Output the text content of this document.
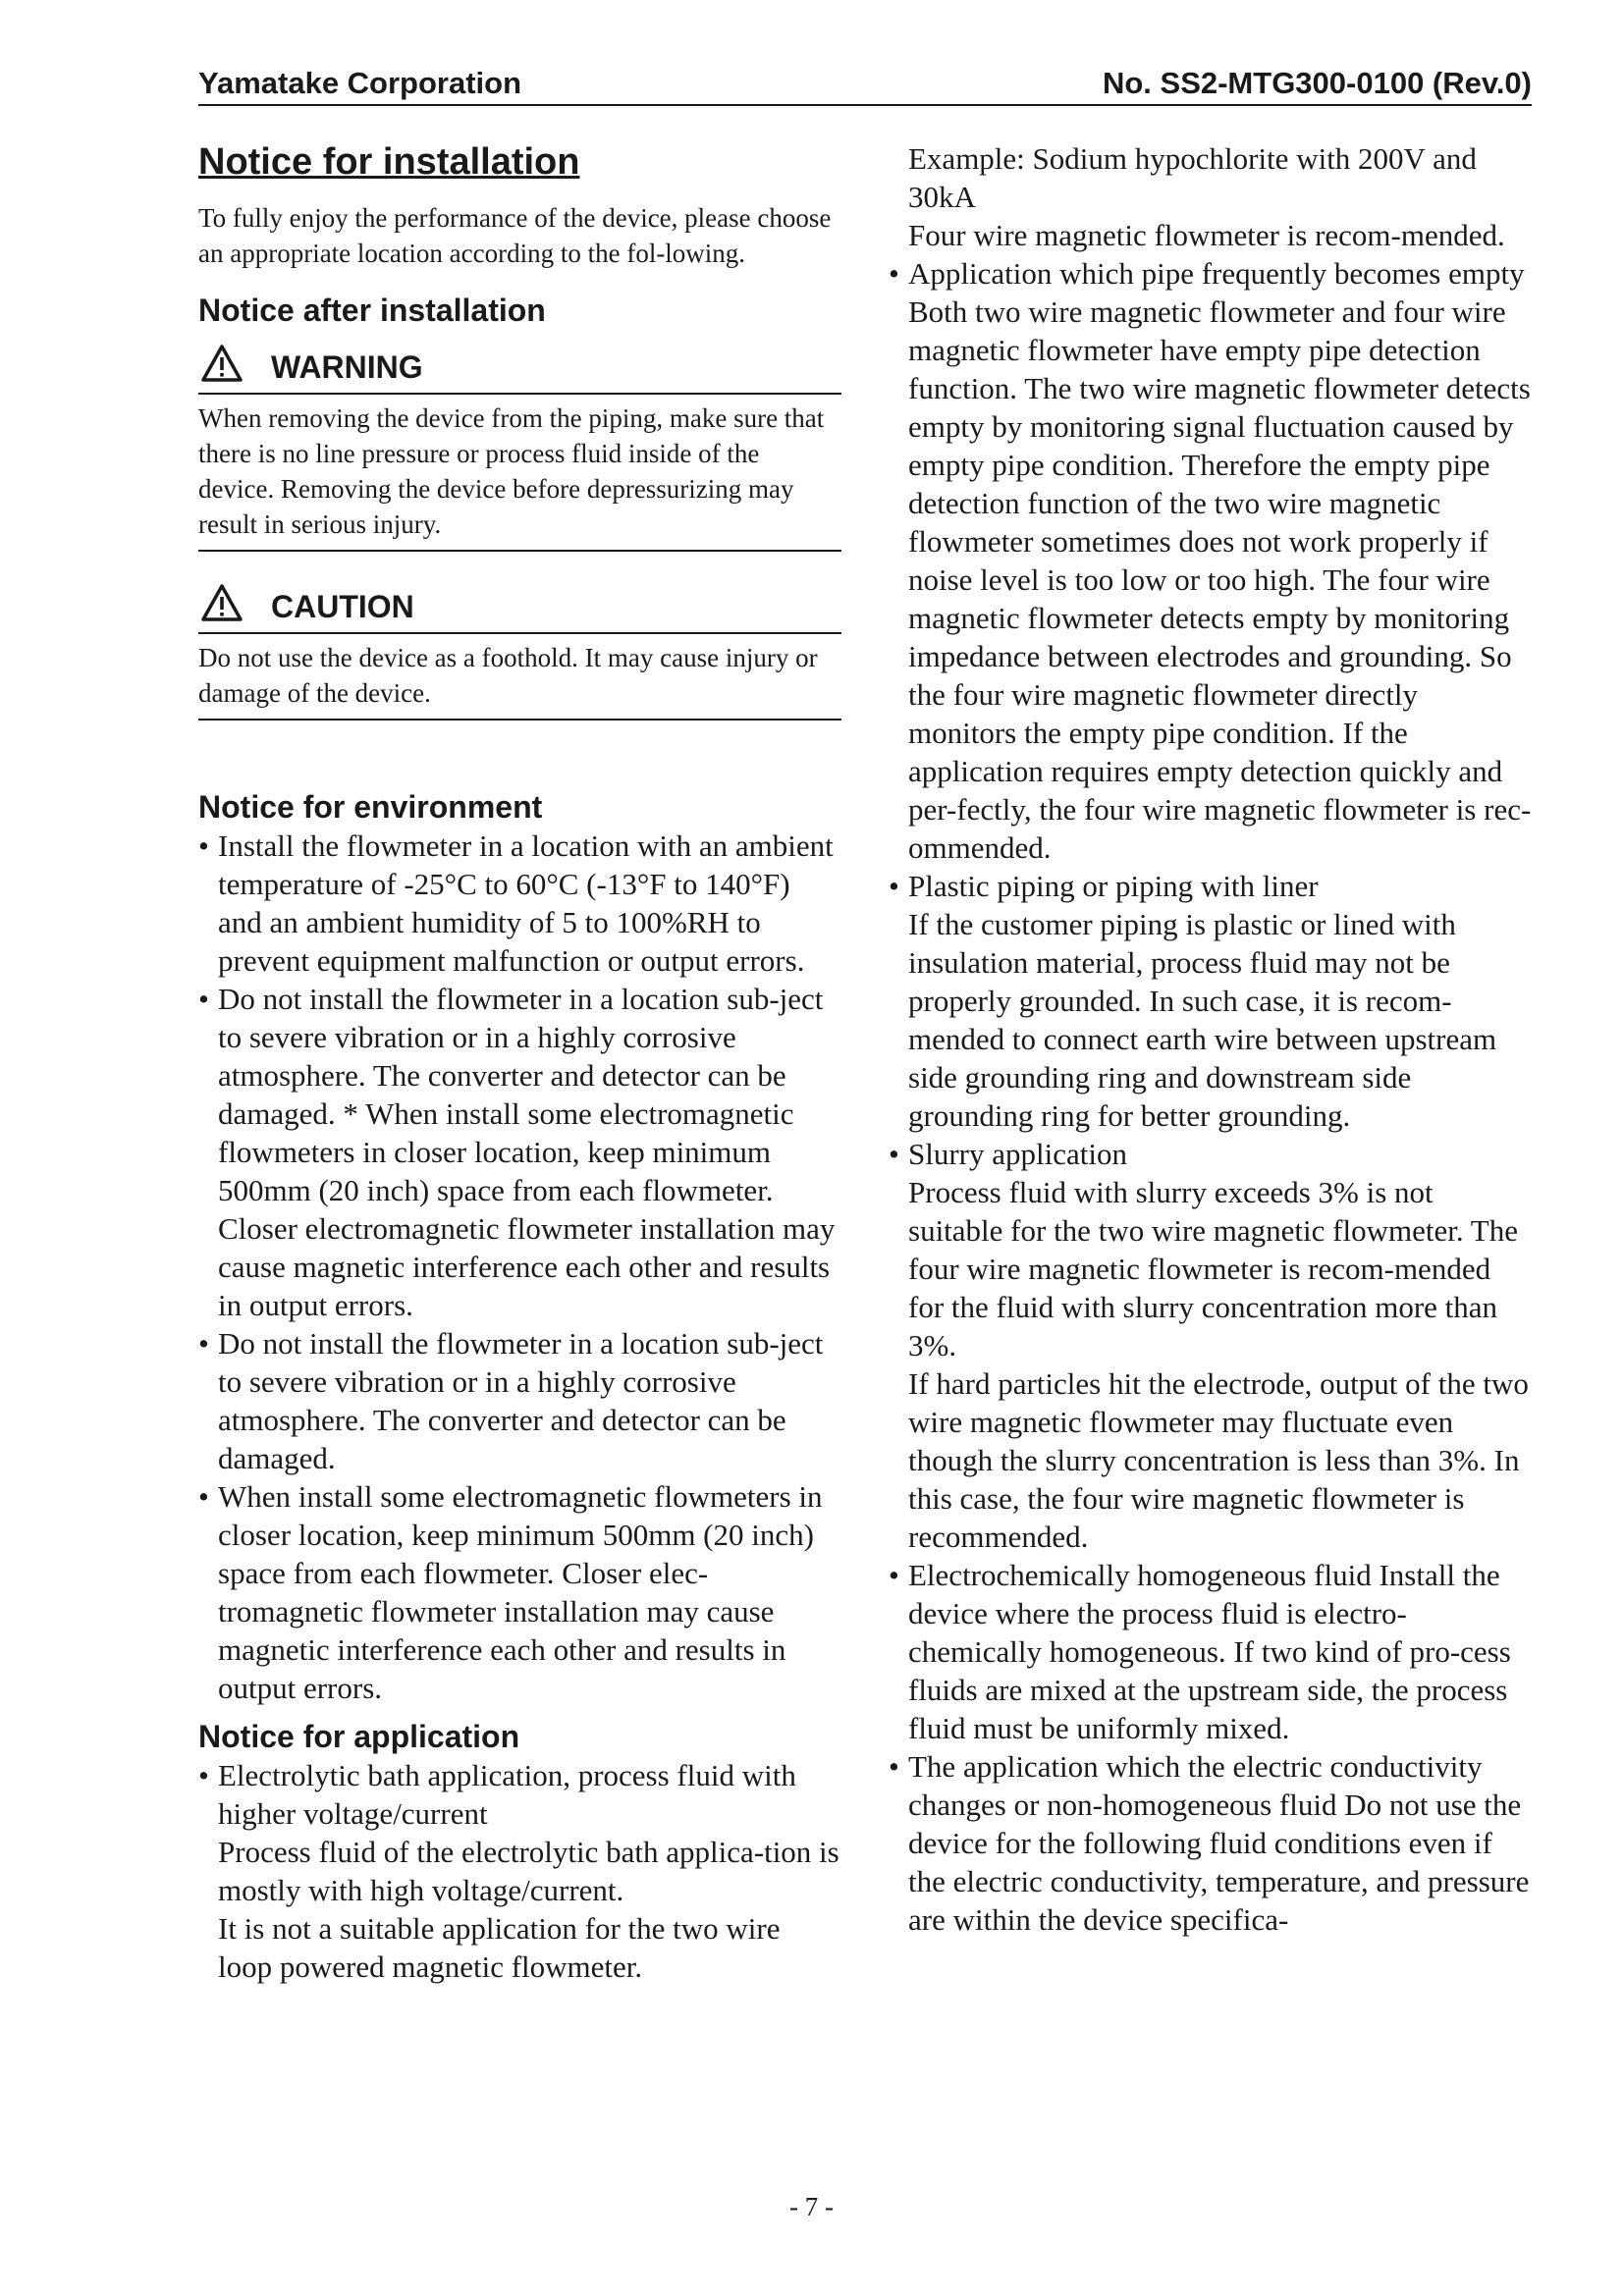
Yamatake Corporation	No. SS2-MTG300-0100 (Rev.0)
Notice for installation

To fully enjoy the performance of the device, please choose an appropriate location according to the fol-lowing.

Notice after installation
WARNING
When removing the device from the piping, make sure that there is no line pressure or process fluid inside of the device. Removing the device before depressurizing may result in serious injury.
CAUTION
Do not use the device as a foothold. It may cause injury or damage of the device.
Notice for environment
• Install the flowmeter in a location with an ambient temperature of -25°C to 60°C (-13°F to 140°F) and an ambient humidity of 5 to 100%RH to prevent equipment malfunction or output errors.
• Do not install the flowmeter in a location sub-ject to severe vibration or in a highly corrosive atmosphere. The converter and detector can be damaged. * When install some electromagnetic flowmeters in closer location, keep minimum 500mm (20 inch) space from each flowmeter. Closer electromagnetic flowmeter installation may cause magnetic interference each other and results in output errors.
• Do not install the flowmeter in a location sub-ject to severe vibration or in a highly corrosive atmosphere. The converter and detector can be damaged.
• When install some electromagnetic flowmeters in closer location, keep minimum 500mm (20 inch) space from each flowmeter. Closer elec-tromagnetic flowmeter installation may cause magnetic interference each other and results in output errors.
Notice for application
• Electrolytic bath application, process fluid with higher voltage/current
Process fluid of the electrolytic bath applica-tion is mostly with high voltage/current.
It is not a suitable application for the two wire loop powered magnetic flowmeter.
Example: Sodium hypochlorite with 200V and 30kA
Four wire magnetic flowmeter is recom-mended.
• Application which pipe frequently becomes empty
Both two wire magnetic flowmeter and four wire magnetic flowmeter have empty pipe detection function. The two wire magnetic flowmeter detects empty by monitoring signal fluctuation caused by empty pipe condition. Therefore the empty pipe detection function of the two wire magnetic flowmeter sometimes does not work properly if noise level is too low or too high. The four wire magnetic flowmeter detects empty by monitoring impedance between electrodes and grounding. So the four wire magnetic flowmeter directly monitors the empty pipe condition. If the application requires empty detection quickly and per-fectly, the four wire magnetic flowmeter is rec-ommended.
• Plastic piping or piping with liner
If the customer piping is plastic or lined with insulation material, process fluid may not be properly grounded. In such case, it is recom-mended to connect earth wire between upstream side grounding ring and downstream side grounding ring for better grounding.
• Slurry application
Process fluid with slurry exceeds 3% is not suitable for the two wire magnetic flowmeter. The four wire magnetic flowmeter is recom-mended for the fluid with slurry concentration more than 3%.
If hard particles hit the electrode, output of the two wire magnetic flowmeter may fluctuate even though the slurry concentration is less than 3%. In this case, the four wire magnetic flowmeter is recommended.
• Electrochemically homogeneous fluid Install the device where the process fluid is electro-chemically homogeneous. If two kind of pro-cess fluids are mixed at the upstream side, the process fluid must be uniformly mixed.
• The application which the electric conductivity changes or non-homogeneous fluid Do not use the device for the following fluid conditions even if the electric conductivity, temperature, and pressure are within the device specifica-
- 7 -
